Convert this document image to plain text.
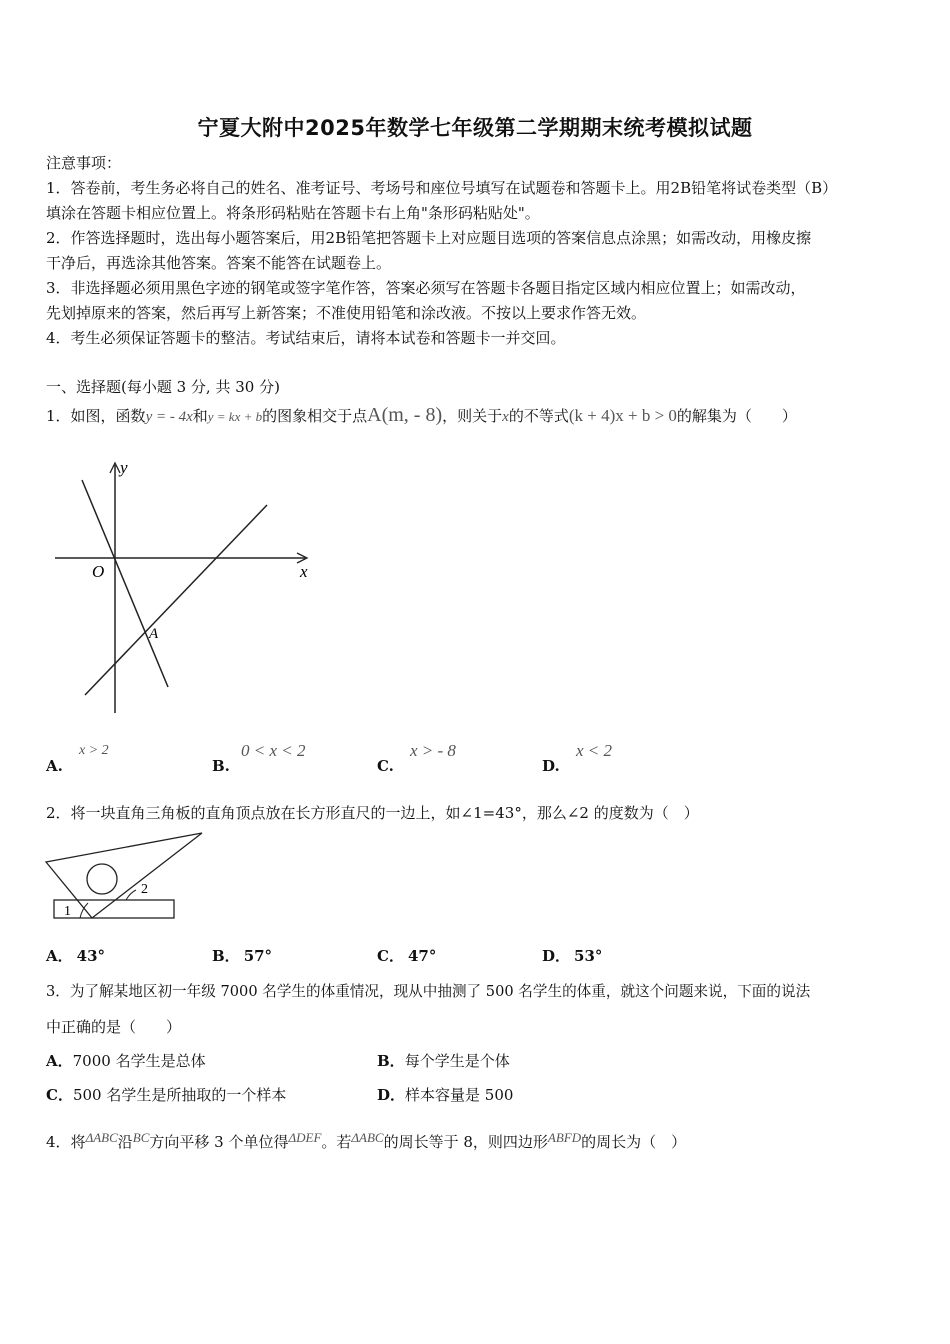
宁夏大附中2025年数学七年级第二学期期末统考模拟试题
注意事项：
1．答卷前，考生务必将自己的姓名、准考证号、考场号和座位号填写在试题卷和答题卡上。用2B铅笔将试卷类型（B）
填涂在答题卡相应位置上。将条形码粘贴在答题卡右上角"条形码粘贴处"。
2．作答选择题时，选出每小题答案后，用2B铅笔把答题卡上对应题目选项的答案信息点涂黑；如需改动，用橡皮擦
干净后，再选涂其他答案。答案不能答在试题卷上。
3．非选择题必须用黑色字迹的钢笔或签字笔作答，答案必须写在答题卡各题目指定区域内相应位置上；如需改动，
先划掉原来的答案，然后再写上新答案；不准使用铅笔和涂改液。不按以上要求作答无效。
4．考生必须保证答题卡的整洁。考试结束后，请将本试卷和答题卡一并交回。
一、选择题(每小题 3 分, 共 30 分)
1．如图，函数y = - 4x和y = kx + b的图象相交于点A(m, - 8)，则关于x的不等式(k + 4)x + b > 0的解集为（　　）
y
x
O
A
A.
x > 2
B.
0 < x < 2
C.
x > - 8
D.
x < 2
2．将一块直角三角板的直角顶点放在长方形直尺的一边上，如∠1=43°，那么∠2 的度数为（　）
1
2
A． 43°	B． 57°	C． 47°	D． 53°
3．为了解某地区初一年级 7000 名学生的体重情况，现从中抽测了 500 名学生的体重，就这个问题来说，下面的说法
中正确的是（　　）
A．7000 名学生是总体	B．每个学生是个体
C．500 名学生是所抽取的一个样本	D．样本容量是 500
4．将ΔABC沿BC方向平移 3 个单位得ΔDEF。若ΔABC的周长等于 8，则四边形ABFD的周长为（　）
